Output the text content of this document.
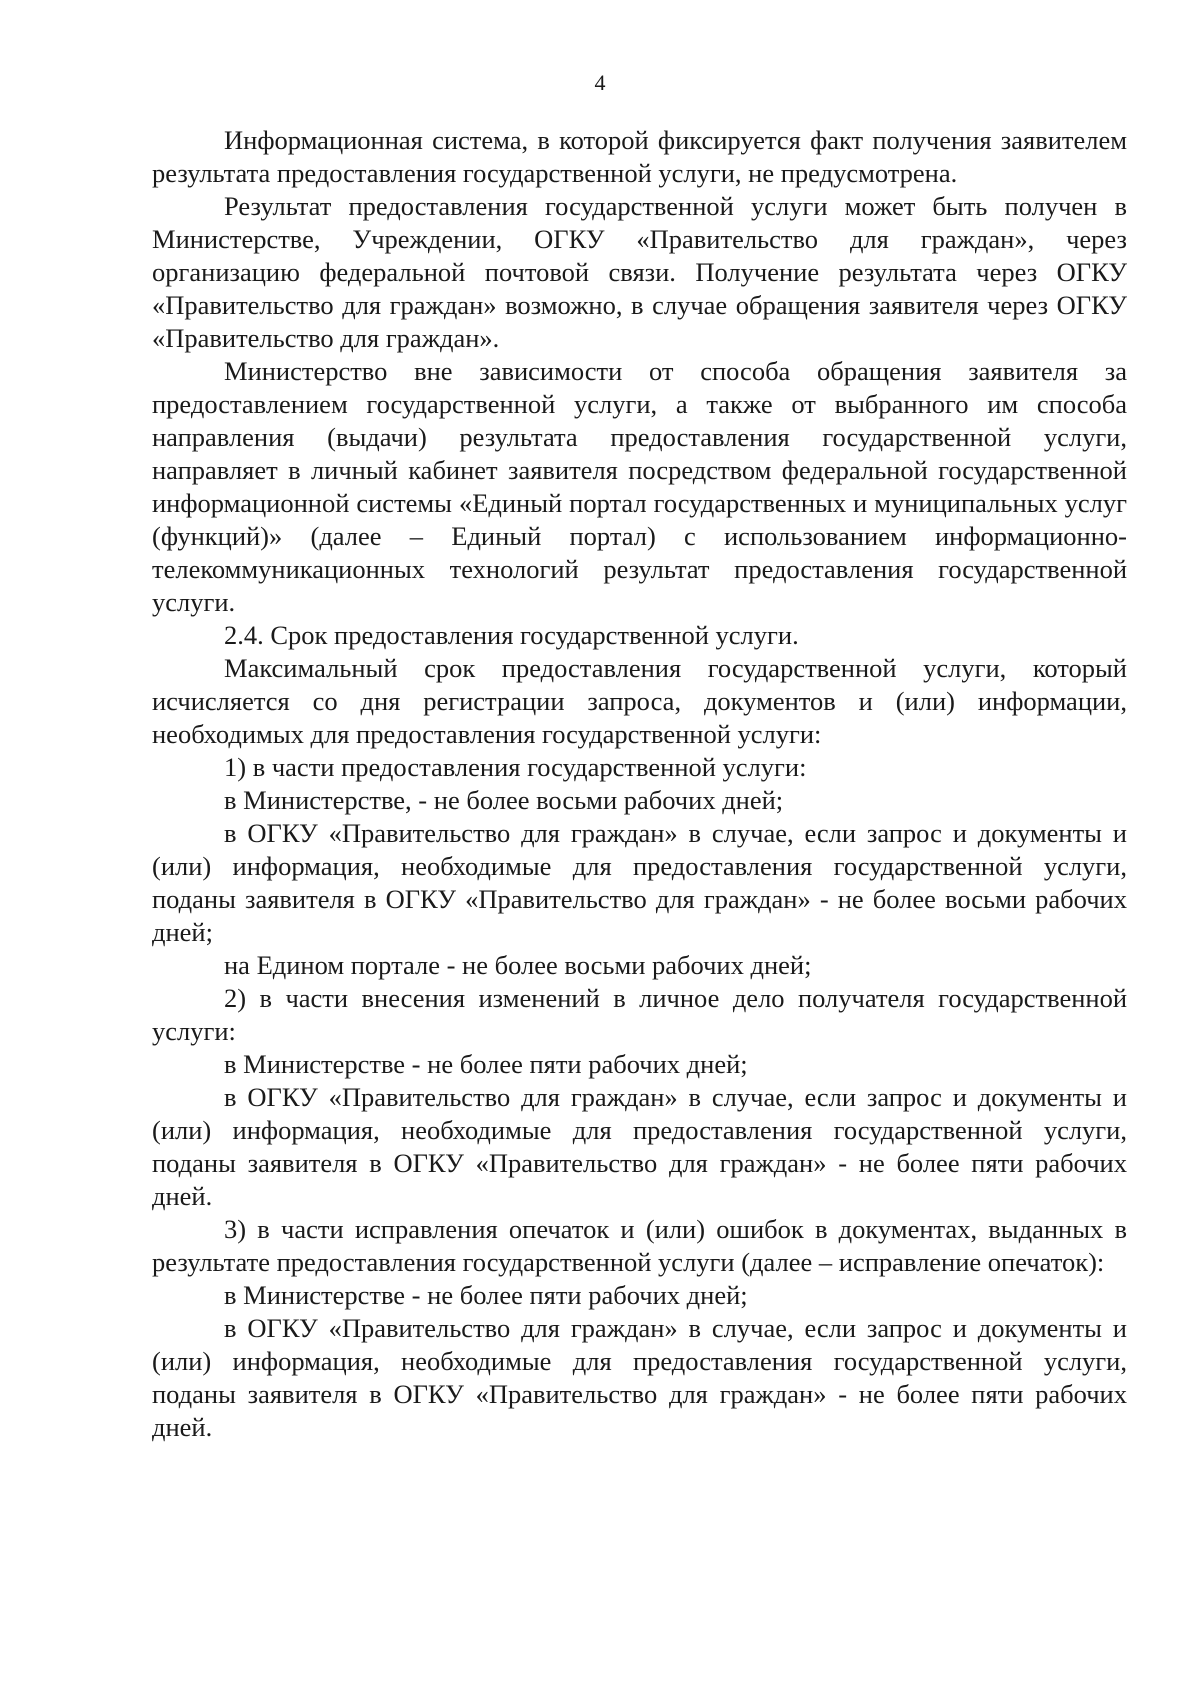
4

Информационная система, в которой фиксируется факт получения заявителем результата предоставления государственной услуги, не предусмотрена.

Результат предоставления государственной услуги может быть получен в Министерстве, Учреждении, ОГКУ «Правительство для граждан», через организацию федеральной почтовой связи. Получение результата через ОГКУ «Правительство для граждан» возможно, в случае обращения заявителя через ОГКУ «Правительство для граждан».

Министерство вне зависимости от способа обращения заявителя за предоставлением государственной услуги, а также от выбранного им способа направления (выдачи) результата предоставления государственной услуги, направляет в личный кабинет заявителя посредством федеральной государственной информационной системы «Единый портал государственных и муниципальных услуг (функций)» (далее – Единый портал) с использованием информационно-телекоммуникационных технологий результат предоставления государственной услуги.

2.4. Срок предоставления государственной услуги.

Максимальный срок предоставления государственной услуги, который исчисляется со дня регистрации запроса, документов и (или) информации, необходимых для предоставления государственной услуги:

1) в части предоставления государственной услуги:

в Министерстве, - не более восьми рабочих дней;

в ОГКУ «Правительство для граждан» в случае, если запрос и документы и (или) информация, необходимые для предоставления государственной услуги, поданы заявителя в ОГКУ «Правительство для граждан» - не более восьми рабочих дней;

на Едином портале - не более восьми рабочих дней;

2) в части внесения изменений в личное дело получателя государственной услуги:

в Министерстве - не более пяти рабочих дней;

в ОГКУ «Правительство для граждан» в случае, если запрос и документы и (или) информация, необходимые для предоставления государственной услуги, поданы заявителя в ОГКУ «Правительство для граждан» - не более пяти рабочих дней.

3) в части исправления опечаток и (или) ошибок в документах, выданных в результате предоставления государственной услуги (далее – исправление опечаток):

в Министерстве - не более пяти рабочих дней;

в ОГКУ «Правительство для граждан» в случае, если запрос и документы и (или) информация, необходимые для предоставления государственной услуги, поданы заявителя в ОГКУ «Правительство для граждан» - не более пяти рабочих дней.
